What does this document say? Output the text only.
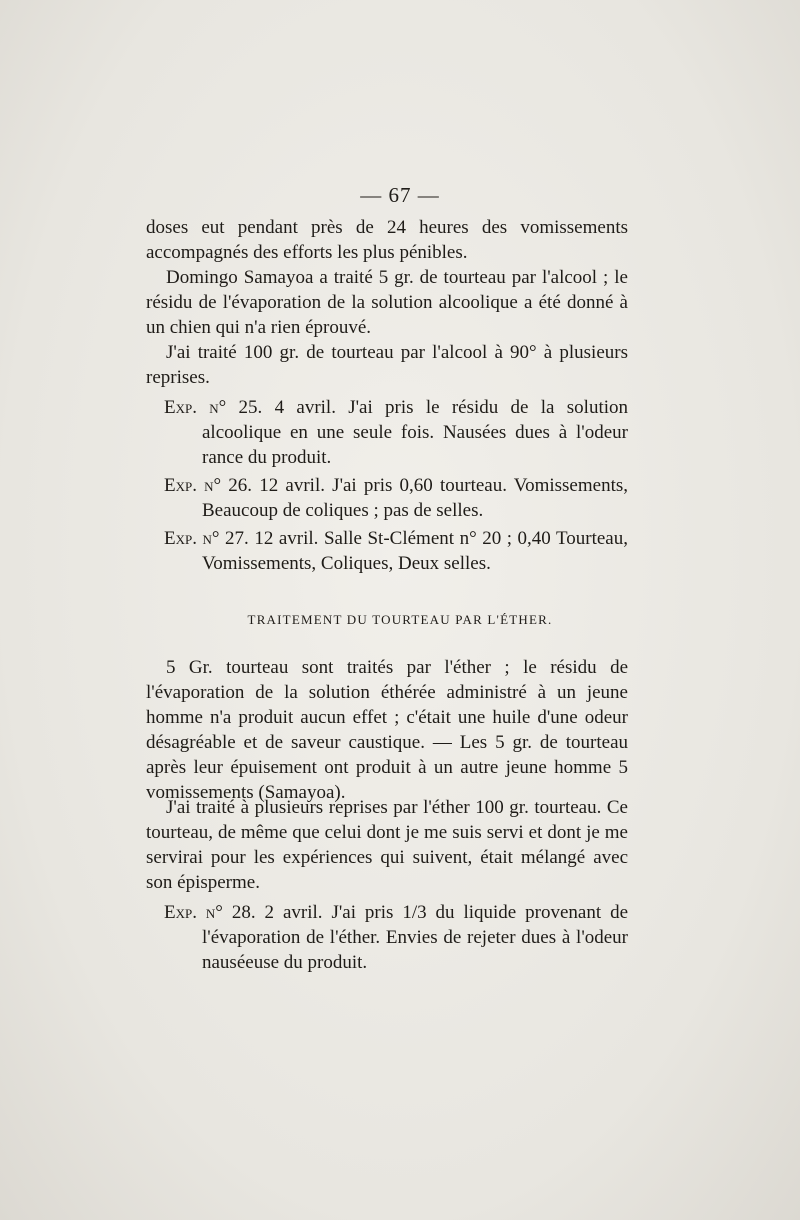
— 67 —

doses eut pendant près de 24 heures des vomissements accompagnés des efforts les plus pénibles.

Domingo Samayoa a traité 5 gr. de tourteau par l'alcool ; le résidu de l'évaporation de la solution alcoolique a été donné à un chien qui n'a rien éprouvé.

J'ai traité 100 gr. de tourteau par l'alcool à 90° à plusieurs reprises.

Exp. n° 25. 4 avril. J'ai pris le résidu de la solution alcoolique en une seule fois. Nausées dues à l'odeur rance du produit.

Exp. n° 26. 12 avril. J'ai pris 0,60 tourteau. Vomissements, Beaucoup de coliques ; pas de selles.

Exp. n° 27. 12 avril. Salle St-Clément n° 20 ; 0,40 Tourteau, Vomissements, Coliques, Deux selles.

TRAITEMENT DU TOURTEAU PAR L'ÉTHER.

5 Gr. tourteau sont traités par l'éther ; le résidu de l'évaporation de la solution éthérée administré à un jeune homme n'a produit aucun effet ; c'était une huile d'une odeur désagréable et de saveur caustique. — Les 5 gr. de tourteau après leur épuisement ont produit à un autre jeune homme 5 vomissements (Samayoa).

J'ai traité à plusieurs reprises par l'éther 100 gr. tourteau. Ce tourteau, de même que celui dont je me suis servi et dont je me servirai pour les expériences qui suivent, était mélangé avec son épisperme.

Exp. n° 28. 2 avril. J'ai pris 1/3 du liquide provenant de l'évaporation de l'éther. Envies de rejeter dues à l'odeur nauséeuse du produit.
